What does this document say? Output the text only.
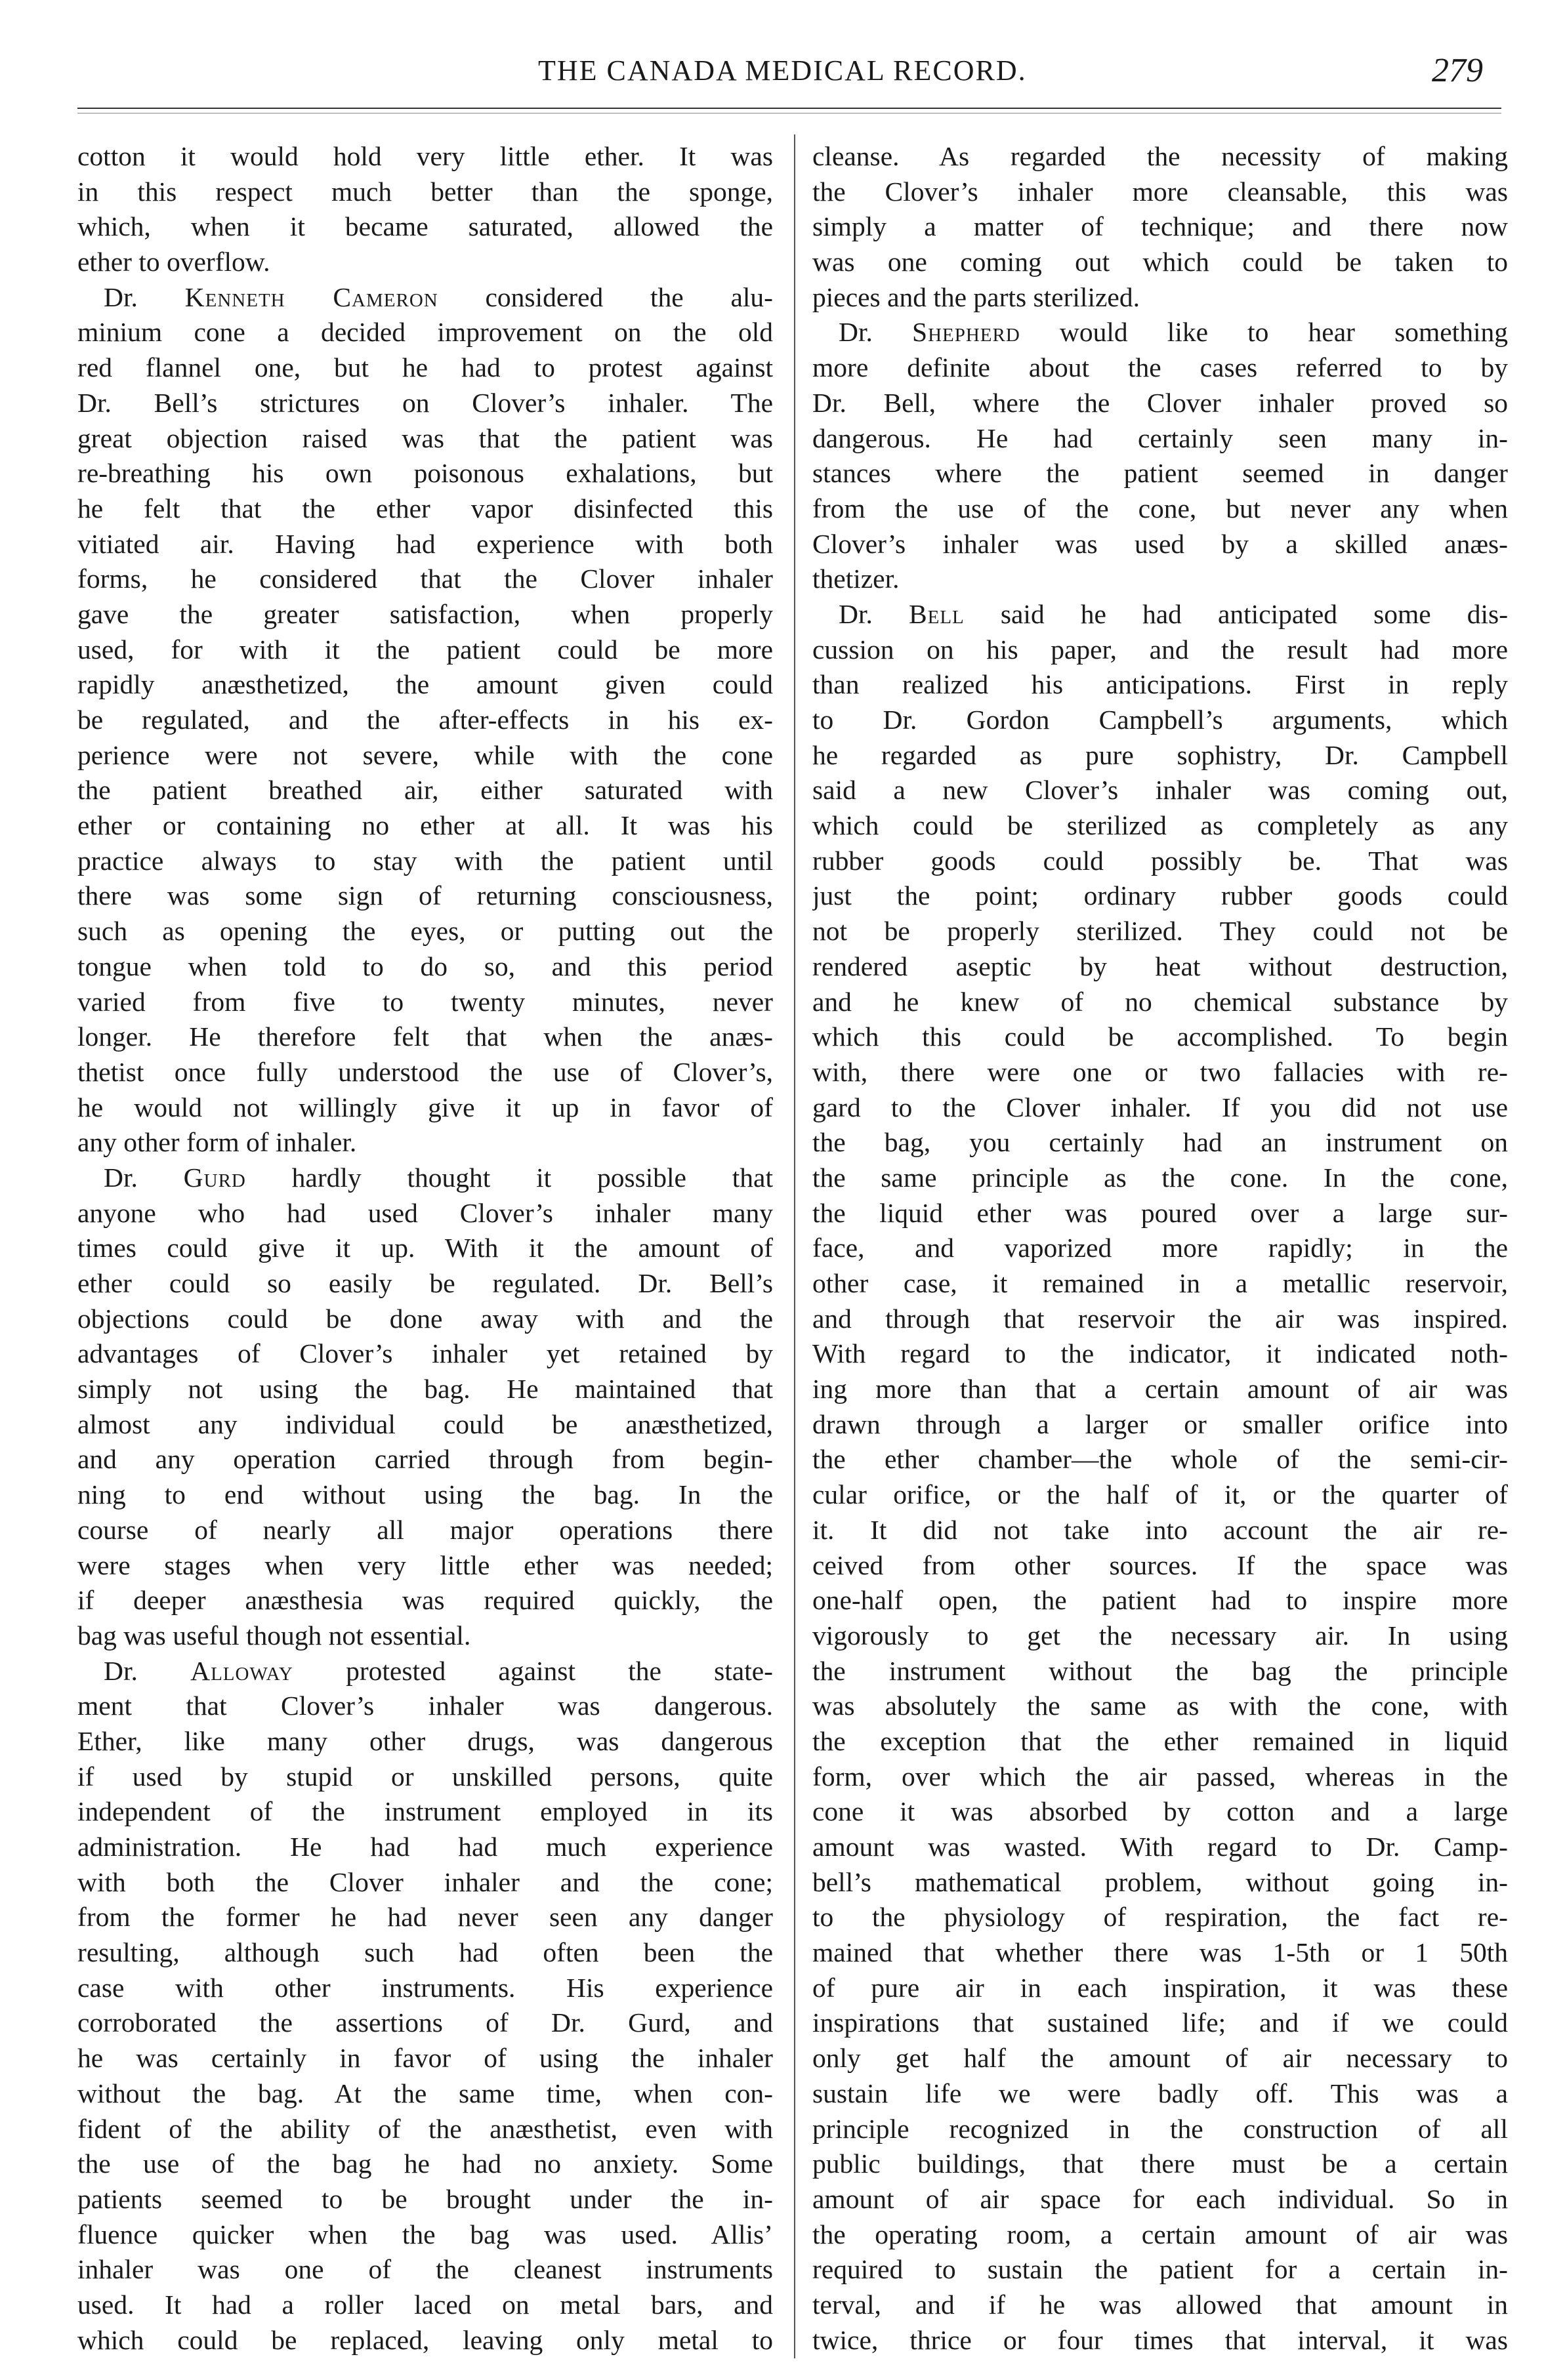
THE CANADA MEDICAL RECORD.	279
cotton it would hold very little ether. It was
in this respect much better than the sponge,
which, when it became saturated, allowed the
ether to overflow.
Dr. Kenneth Cameron considered the alu-
minium cone a decided improvement on the old
red flannel one, but he had to protest against
Dr. Bell’s strictures on Clover’s inhaler. The
great objection raised was that the patient was
re-breathing his own poisonous exhalations, but
he felt that the ether vapor disinfected this
vitiated air. Having had experience with both
forms, he considered that the Clover inhaler
gave the greater satisfaction, when properly
used, for with it the patient could be more
rapidly anæsthetized, the amount given could
be regulated, and the after-effects in his ex-
perience were not severe, while with the cone
the patient breathed air, either saturated with
ether or containing no ether at all. It was his
practice always to stay with the patient until
there was some sign of returning consciousness,
such as opening the eyes, or putting out the
tongue when told to do so, and this period
varied from five to twenty minutes, never
longer. He therefore felt that when the anæs-
thetist once fully understood the use of Clover’s,
he would not willingly give it up in favor of
any other form of inhaler.
Dr. Gurd hardly thought it possible that
anyone who had used Clover’s inhaler many
times could give it up. With it the amount of
ether could so easily be regulated. Dr. Bell’s
objections could be done away with and the
advantages of Clover’s inhaler yet retained by
simply not using the bag. He maintained that
almost any individual could be anæsthetized,
and any operation carried through from begin-
ning to end without using the bag. In the
course of nearly all major operations there
were stages when very little ether was needed;
if deeper anæsthesia was required quickly, the
bag was useful though not essential.
Dr. Alloway protested against the state-
ment that Clover’s inhaler was dangerous.
Ether, like many other drugs, was dangerous
if used by stupid or unskilled persons, quite
independent of the instrument employed in its
administration. He had had much experience
with both the Clover inhaler and the cone;
from the former he had never seen any danger
resulting, although such had often been the
case with other instruments. His experience
corroborated the assertions of Dr. Gurd, and
he was certainly in favor of using the inhaler
without the bag. At the same time, when con-
fident of the ability of the anæsthetist, even with
the use of the bag he had no anxiety. Some
patients seemed to be brought under the in-
fluence quicker when the bag was used. Allis’
inhaler was one of the cleanest instruments
used. It had a roller laced on metal bars, and
which could be replaced, leaving only metal to
cleanse. As regarded the necessity of making
the Clover’s inhaler more cleansable, this was
simply a matter of technique; and there now
was one coming out which could be taken to
pieces and the parts sterilized.
Dr. Shepherd would like to hear something
more definite about the cases referred to by
Dr. Bell, where the Clover inhaler proved so
dangerous. He had certainly seen many in-
stances where the patient seemed in danger
from the use of the cone, but never any when
Clover’s inhaler was used by a skilled anæs-
thetizer.
Dr. Bell said he had anticipated some dis-
cussion on his paper, and the result had more
than realized his anticipations. First in reply
to Dr. Gordon Campbell’s arguments, which
he regarded as pure sophistry, Dr. Campbell
said a new Clover’s inhaler was coming out,
which could be sterilized as completely as any
rubber goods could possibly be. That was
just the point; ordinary rubber goods could
not be properly sterilized. They could not be
rendered aseptic by heat without destruction,
and he knew of no chemical substance by
which this could be accomplished. To begin
with, there were one or two fallacies with re-
gard to the Clover inhaler. If you did not use
the bag, you certainly had an instrument on
the same principle as the cone. In the cone,
the liquid ether was poured over a large sur-
face, and vaporized more rapidly; in the
other case, it remained in a metallic reservoir,
and through that reservoir the air was inspired.
With regard to the indicator, it indicated noth-
ing more than that a certain amount of air was
drawn through a larger or smaller orifice into
the ether chamber—the whole of the semi-cir-
cular orifice, or the half of it, or the quarter of
it. It did not take into account the air re-
ceived from other sources. If the space was
one-half open, the patient had to inspire more
vigorously to get the necessary air. In using
the instrument without the bag the principle
was absolutely the same as with the cone, with
the exception that the ether remained in liquid
form, over which the air passed, whereas in the
cone it was absorbed by cotton and a large
amount was wasted. With regard to Dr. Camp-
bell’s mathematical problem, without going in-
to the physiology of respiration, the fact re-
mained that whether there was 1-5th or 1 50th
of pure air in each inspiration, it was these
inspirations that sustained life; and if we could
only get half the amount of air necessary to
sustain life we were badly off. This was a
principle recognized in the construction of all
public buildings, that there must be a certain
amount of air space for each individual. So in
the operating room, a certain amount of air was
required to sustain the patient for a certain in-
terval, and if he was allowed that amount in
twice, thrice or four times that interval, it was
